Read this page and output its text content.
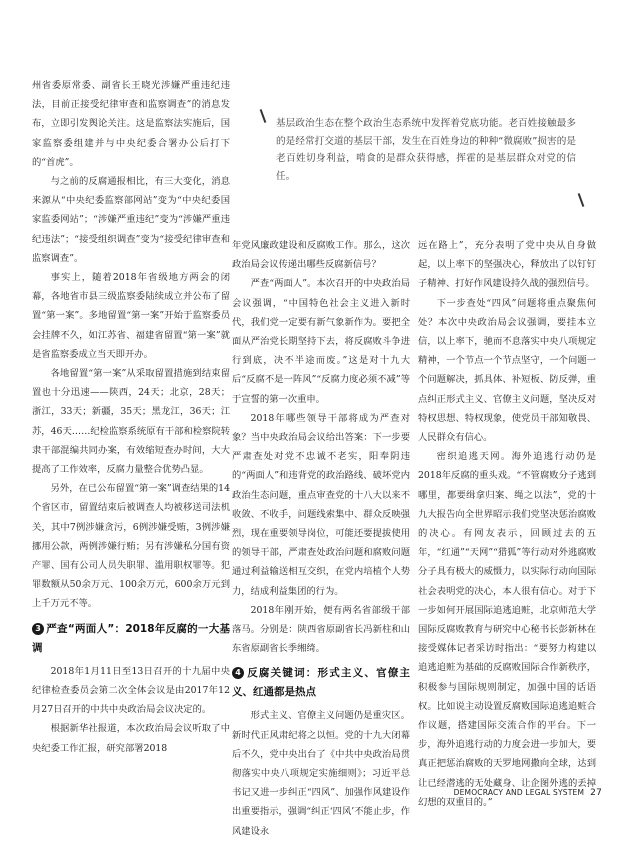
基层政治生态在整个政治生态系统中发挥着党底功能。老百姓接触最多的是经常打交道的基层干部，发生在百姓身边的种种“微腐败”损害的是老百姓切身利益，啃食的是群众获得感，挥霍的是基层群众对党的信任。

州省委原常委、副省长王晓光涉嫌严重违纪违法，目前正接受纪律审查和监察调查”的消息发布，立即引发舆论关注。这是监察法实施后，国家监察委组建并与中央纪委合署办公后打下的“首虎”。

与之前的反腐通报相比，有三大变化，消息来源从“中央纪委监察部网站”变为“中央纪委国家监委网站”；“涉嫌严重违纪”变为“涉嫌严重违纪违法”；“接受组织调查”变为“接受纪律审查和监察调查”。

事实上，随着2018年省级地方两会的闭幕，各地省市县三级监察委陆续成立并公布了留置“第一案”。多地留置“第一案”开始于监察委员会挂牌不久，如江苏省、福建省留置“第一案”就是省监察委成立当天即开办。

各地留置“第一案”从采取留置措施到结束留置也十分迅速——陕西，24天；北京，28天；浙江，33天；新疆，35天；黑龙江，36天；江苏，46天……纪检监察系统原有干部和检察院转隶干部混编共同办案，有效缩短查办时间，大大提高了工作效率，反腐力量整合优势凸显。

另外，在已公布留置“第一案”调查结果的14个省区市，留置结束后被调查人均被移送司法机关，其中7例涉嫌贪污，6例涉嫌受贿，3例涉嫌挪用公款，两例涉嫌行贿；另有涉嫌私分国有资产罪、国有公司人员失职罪、滥用职权罪等。犯罪数额从50余万元、100余万元，600余万元到上千万元不等。

3 严查“两面人”：2018年反腐的一大基调

2018年1月11日至13日召开的十九届中央纪律检查委员会第二次全体会议是由2017年12月27日召开的中共中央政治局会议决定的。

根据新华社报道，本次政治局会议听取了中央纪委工作汇报，研究部署2018

年党风廉政建设和反腐败工作。那么，这次政治局会议传递出哪些反腐新信号？

严查“两面人”。本次召开的中央政治局会议强调，“中国特色社会主义进入新时代，我们党一定要有新气象新作为。要把全面从严治党长期坚持下去，将反腐败斗争进行到底，决不半途而废。”这是对十九大后“反腐不是一阵风”“反腐力度必须不减”等于宣誓的第一次重申。

2018年哪些领导干部将成为严查对象？当中央政治局会议给出答案：下一步要严肃查处对党不忠诚不老实，阳奉阴违的“两面人”和违背党的政治路线、破坏党内政治生态问题，重点审查党的十八大以来不收敛、不收手，问题线索集中、群众反映强烈，现在重要领导岗位，可能还要提拔使用的领导干部，严肃查处政治问题和腐败问题通过利益输送相互交织，在党内培植个人势力，结成利益集团的行为。

2018年刚开始，便有两名省部级干部落马。分别是：陕西省原副省长冯新柱和山东省原副省长季缃绮。

4 反腐关键词：形式主义、官僚主义、红通都是热点

形式主义、官僚主义问题仍是重灾区。新时代正风肃纪将之以恒。党的十九大闭幕后不久，党中央出台了《中共中央政治局贯彻落实中央八项规定实施细则》；习近平总书记又进一步纠正“四风”、加强作风建设作出重要指示，强调“纠正‘四风’不能止步，作风建设永

远在路上”，充分表明了党中央从自身做起，以上率下的坚强决心，释放出了以钉钉子精神、打好作风建设持久战的强烈信号。

下一步查处“四风”问题将重点聚焦何处？本次中央政治局会议强调，要挂本立信，以上率下，驰而不息落实中央八项规定精神，一个节点一个节点坚守，一个问题一个问题解决，抓具体、补短板、防反弹，重点纠正形式主义、官僚主义问题，坚决反对特权思想、特权现象，使党员干部知敬畏、人民群众有信心。

密织追逃天网。海外追逃行动仍是2018年反腐的重头戏。“不管腐败分子逃到哪里，都要缉拿归案、绳之以法”，党的十九大报告向全世界昭示我们党坚决惩治腐败的决心。有网友表示，回顾过去的五年，“红通”“天网”“猎狐”等行动对外逃腐败分子具有极大的威慑力，以实际行动向国际社会表明党的决心，本人很有信心。对于下一步如何开展国际追逃追赃，北京师范大学国际反腐败教育与研究中心秘书长彭新林在接受媒体记者采访时指出：“要努力构建以追逃追赃为基础的反腐败国际合作新秩序，积极参与国际规则制定，加强中国的话语权。比如说主动设置反腐败国际追逃追赃合作议题，搭建国际交流合作的平台。下一步，海外追逃行动的力度会进一步加大，要真正把惩治腐败的天罗地网撒向全球，达到让已经潜逃的无处藏身、让企图外逃的丢掉幻想的双重目的。”

DEMOCRACY AND LEGAL SYSTEM 27
